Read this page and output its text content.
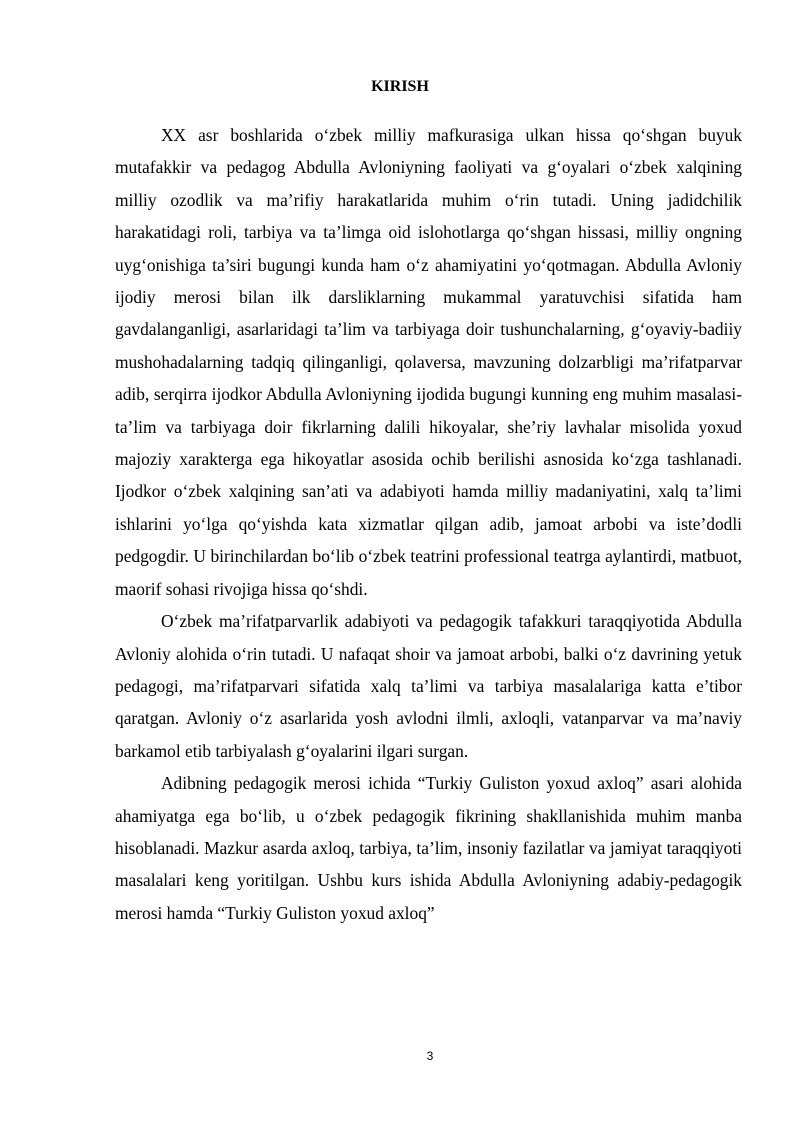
KIRISH

XX asr boshlarida o‘zbek milliy mafkurasiga ulkan hissa qo‘shgan buyuk mutafakkir va pedagog Abdulla Avloniyning faoliyati va g‘oyalari o‘zbek xalqining milliy ozodlik va ma’rifiy harakatlarida muhim o‘rin tutadi. Uning jadidchilik harakatidagi roli, tarbiya va ta’limga oid islohotlarga qo‘shgan hissasi, milliy ongning uyg‘onishiga ta’siri bugungi kunda ham o‘z ahamiyatini yo‘qotmagan. Abdulla Avloniy ijodiy merosi bilan ilk darsliklarning mukammal yaratuvchisi sifatida ham gavdalanganligi, asarlaridagi ta’lim va tarbiyaga doir tushunchalarning, g‘oyaviy-badiiy mushohadalarning tadqiq qilinganligi, qolaversa, mavzuning dolzarbligi ma’rifatparvar adib, serqirra ijodkor Abdulla Avloniyning ijodida bugungi kunning eng muhim masalasi-ta’lim va tarbiyaga doir fikrlarning dalili hikoyalar, she’riy lavhalar misolida yoxud majoziy xarakterga ega hikoyatlar asosida ochib berilishi asnosida ko‘zga tashlanadi. Ijodkor o‘zbek xalqining san’ati va adabiyoti hamda milliy madaniyatini, xalq ta’limi ishlarini yo‘lga qo‘yishda kata xizmatlar qilgan adib, jamoat arbobi va iste’dodli pedgogdir. U birinchilardan bo‘lib o‘zbek teatrini professional teatrga aylantirdi, matbuot, maorif sohasi rivojiga hissa qo‘shdi.

O‘zbek ma’rifatparvarlik adabiyoti va pedagogik tafakkuri taraqqiyotida Abdulla Avloniy alohida o‘rin tutadi. U nafaqat shoir va jamoat arbobi, balki o‘z davrining yetuk pedagogi, ma’rifatparvari sifatida xalq ta’limi va tarbiya masalalariga katta e’tibor qaratgan. Avloniy o‘z asarlarida yosh avlodni ilmli, axloqli, vatanparvar va ma’naviy barkamol etib tarbiyalash g‘oyalarini ilgari surgan.

Adibning pedagogik merosi ichida “Turkiy Guliston yoxud axloq” asari alohida ahamiyatga ega bo‘lib, u o‘zbek pedagogik fikrining shakllanishida muhim manba hisoblanadi. Mazkur asarda axloq, tarbiya, ta’lim, insoniy fazilatlar va jamiyat taraqqiyoti masalalari keng yoritilgan. Ushbu kurs ishida Abdulla Avloniyning adabiy-pedagogik merosi hamda “Turkiy Guliston yoxud axloq”

3
